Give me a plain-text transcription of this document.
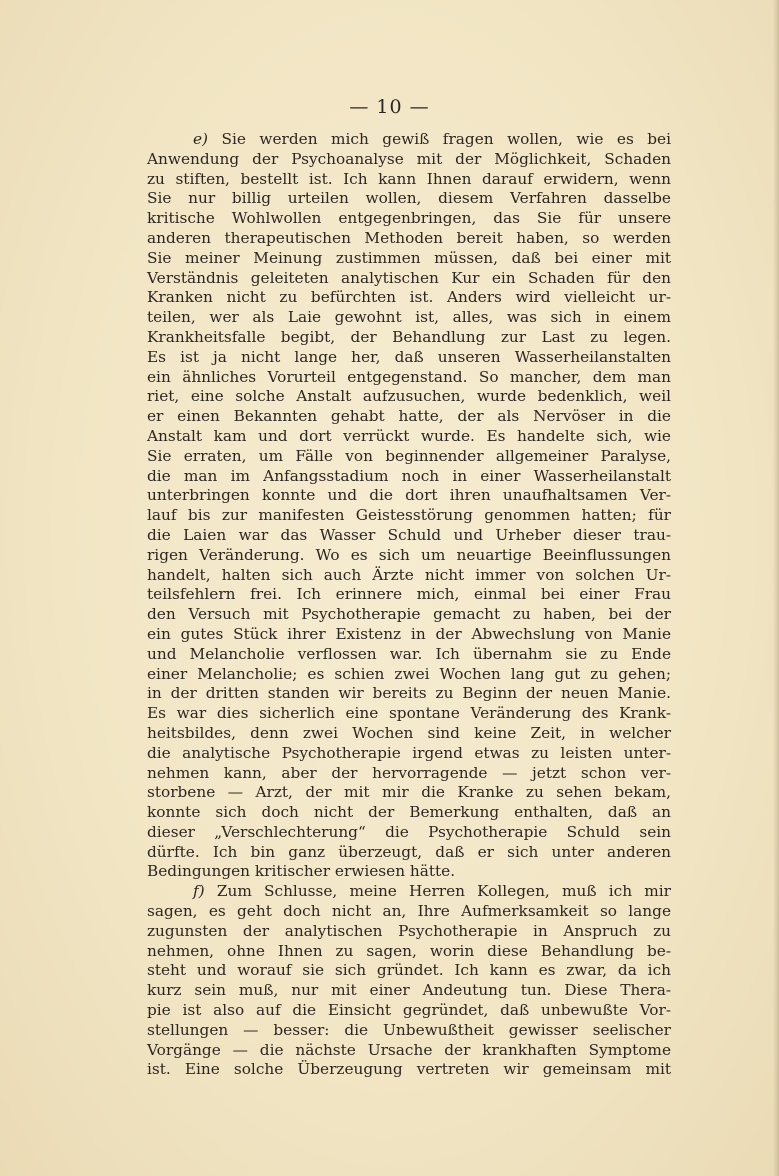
— 10 —
e) Sie werden mich gewiß fragen wollen, wie es bei
Anwendung der Psychoanalyse mit der Möglichkeit, Schaden
zu stiften, bestellt ist. Ich kann Ihnen darauf erwidern, wenn
Sie nur billig urteilen wollen, diesem Verfahren dasselbe
kritische Wohlwollen entgegenbringen, das Sie für unsere
anderen therapeutischen Methoden bereit haben, so werden
Sie meiner Meinung zustimmen müssen, daß bei einer mit
Verständnis geleiteten analytischen Kur ein Schaden für den
Kranken nicht zu befürchten ist. Anders wird vielleicht ur-
teilen, wer als Laie gewohnt ist, alles, was sich in einem
Krankheitsfalle begibt, der Behandlung zur Last zu legen.
Es ist ja nicht lange her, daß unseren Wasserheilanstalten
ein ähnliches Vorurteil entgegenstand. So mancher, dem man
riet, eine solche Anstalt aufzusuchen, wurde bedenklich, weil
er einen Bekannten gehabt hatte, der als Nervöser in die
Anstalt kam und dort verrückt wurde. Es handelte sich, wie
Sie erraten, um Fälle von beginnender allgemeiner Paralyse,
die man im Anfangsstadium noch in einer Wasserheilanstalt
unterbringen konnte und die dort ihren unaufhaltsamen Ver-
lauf bis zur manifesten Geistesstörung genommen hatten; für
die Laien war das Wasser Schuld und Urheber dieser trau-
rigen Veränderung. Wo es sich um neuartige Beeinflussungen
handelt, halten sich auch Ärzte nicht immer von solchen Ur-
teilsfehlern frei. Ich erinnere mich, einmal bei einer Frau
den Versuch mit Psychotherapie gemacht zu haben, bei der
ein gutes Stück ihrer Existenz in der Abwechslung von Manie
und Melancholie verflossen war. Ich übernahm sie zu Ende
einer Melancholie; es schien zwei Wochen lang gut zu gehen;
in der dritten standen wir bereits zu Beginn der neuen Manie.
Es war dies sicherlich eine spontane Veränderung des Krank-
heitsbildes, denn zwei Wochen sind keine Zeit, in welcher
die analytische Psychotherapie irgend etwas zu leisten unter-
nehmen kann, aber der hervorragende — jetzt schon ver-
storbene — Arzt, der mit mir die Kranke zu sehen bekam,
konnte sich doch nicht der Bemerkung enthalten, daß an
dieser „Verschlechterung“ die Psychotherapie Schuld sein
dürfte. Ich bin ganz überzeugt, daß er sich unter anderen
Bedingungen kritischer erwiesen hätte.
f) Zum Schlusse, meine Herren Kollegen, muß ich mir
sagen, es geht doch nicht an, Ihre Aufmerksamkeit so lange
zugunsten der analytischen Psychotherapie in Anspruch zu
nehmen, ohne Ihnen zu sagen, worin diese Behandlung be-
steht und worauf sie sich gründet. Ich kann es zwar, da ich
kurz sein muß, nur mit einer Andeutung tun. Diese Thera-
pie ist also auf die Einsicht gegründet, daß unbewußte Vor-
stellungen — besser: die Unbewußtheit gewisser seelischer
Vorgänge — die nächste Ursache der krankhaften Symptome
ist. Eine solche Überzeugung vertreten wir gemeinsam mit
